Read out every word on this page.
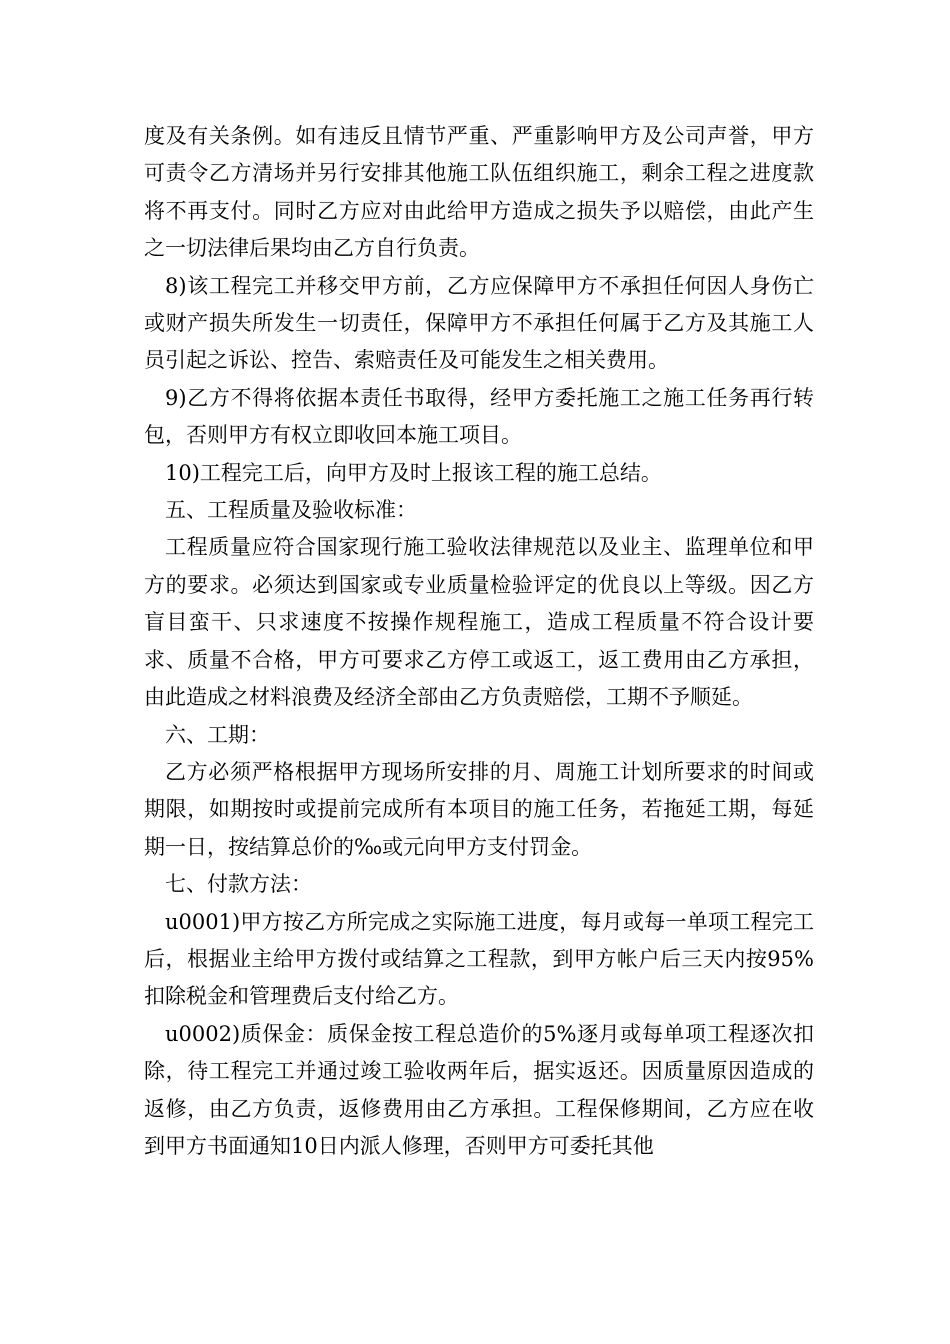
度及有关条例。如有违反且情节严重、严重影响甲方及公司声誉，甲方可责令乙方清场并另行安排其他施工队伍组织施工，剩余工程之进度款将不再支付。同时乙方应对由此给甲方造成之损失予以赔偿，由此产生之一切法律后果均由乙方自行负责。

8)该工程完工并移交甲方前，乙方应保障甲方不承担任何因人身伤亡或财产损失所发生一切责任，保障甲方不承担任何属于乙方及其施工人员引起之诉讼、控告、索赔责任及可能发生之相关费用。

9)乙方不得将依据本责任书取得，经甲方委托施工之施工任务再行转包，否则甲方有权立即收回本施工项目。

10)工程完工后，向甲方及时上报该工程的施工总结。

五、工程质量及验收标准：

工程质量应符合国家现行施工验收法律规范以及业主、监理单位和甲方的要求。必须达到国家或专业质量检验评定的优良以上等级。因乙方盲目蛮干、只求速度不按操作规程施工，造成工程质量不符合设计要求、质量不合格，甲方可要求乙方停工或返工，返工费用由乙方承担，由此造成之材料浪费及经济全部由乙方负责赔偿，工期不予顺延。

六、工期：

乙方必须严格根据甲方现场所安排的月、周施工计划所要求的时间或期限，如期按时或提前完成所有本项目的施工任务，若拖延工期，每延期一日，按结算总价的‰或元向甲方支付罚金。

七、付款方法：

u0001)甲方按乙方所完成之实际施工进度，每月或每一单项工程完工后，根据业主给甲方拨付或结算之工程款，到甲方帐户后三天内按95%扣除税金和管理费后支付给乙方。

u0002)质保金：质保金按工程总造价的5%逐月或每单项工程逐次扣除，待工程完工并通过竣工验收两年后，据实返还。因质量原因造成的返修，由乙方负责，返修费用由乙方承担。工程保修期间，乙方应在收到甲方书面通知10日内派人修理，否则甲方可委托其他
